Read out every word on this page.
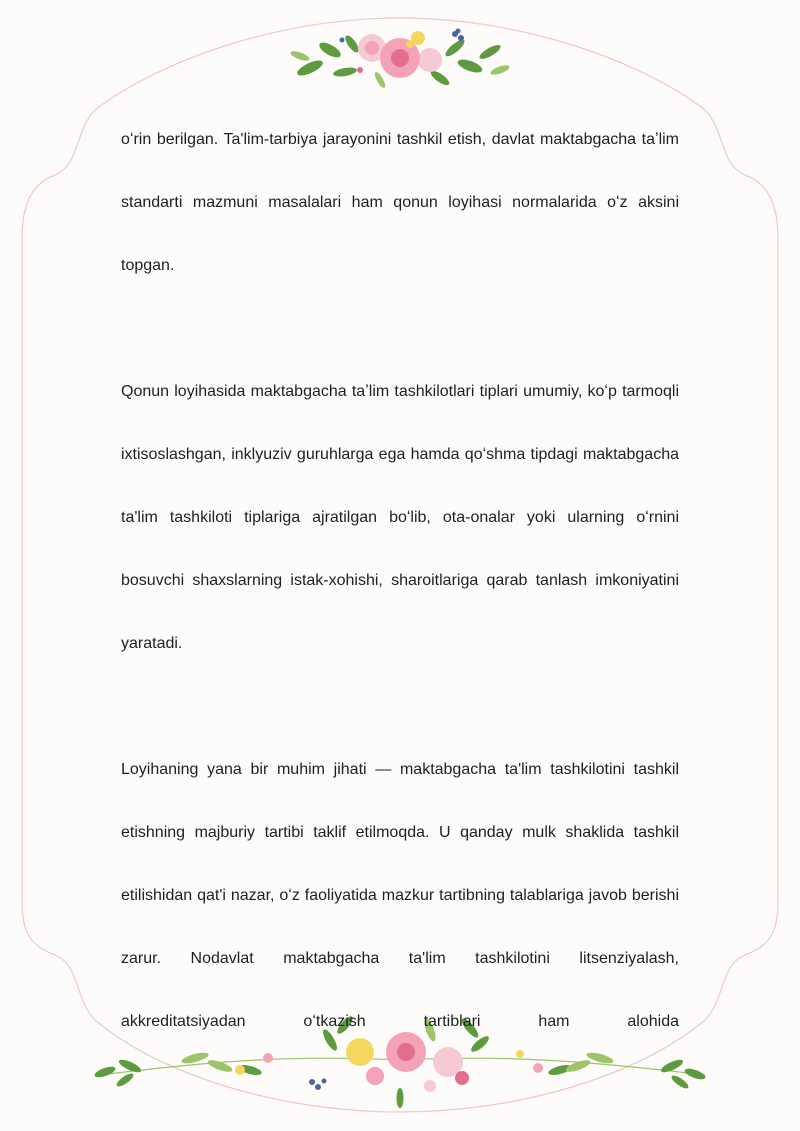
oʻrin berilgan. Ta'lim-tarbiya jarayonini tashkil etish, davlat maktabgacha taʼlim standarti mazmuni masalalari ham qonun loyihasi normalarida oʻz aksini topgan.

Qonun loyihasida maktabgacha taʼlim tashkilotlari tiplari umumiy, koʻp tarmoqli ixtisoslashgan, inklyuziv guruhlarga ega hamda qoʻshma tipdagi maktabgacha ta'lim tashkiloti tiplariga ajratilgan boʻlib, ota-onalar yoki ularning oʻrnini bosuvchi shaxslarning istak-xohishi, sharoitlariga qarab tanlash imkoniyatini yaratadi.

Loyihaning yana bir muhim jihati — maktabgacha ta'lim tashkilotini tashkil etishning majburiy tartibi taklif etilmoqda. U qanday mulk shaklida tashkil etilishidan qat'i nazar, oʻz faoliyatida mazkur tartibning talablariga javob berishi zarur. Nodavlat maktabgacha ta'lim tashkilotini litsenziyalash, akkreditatsiyadan oʻtkazish tartiblari ham alohida
